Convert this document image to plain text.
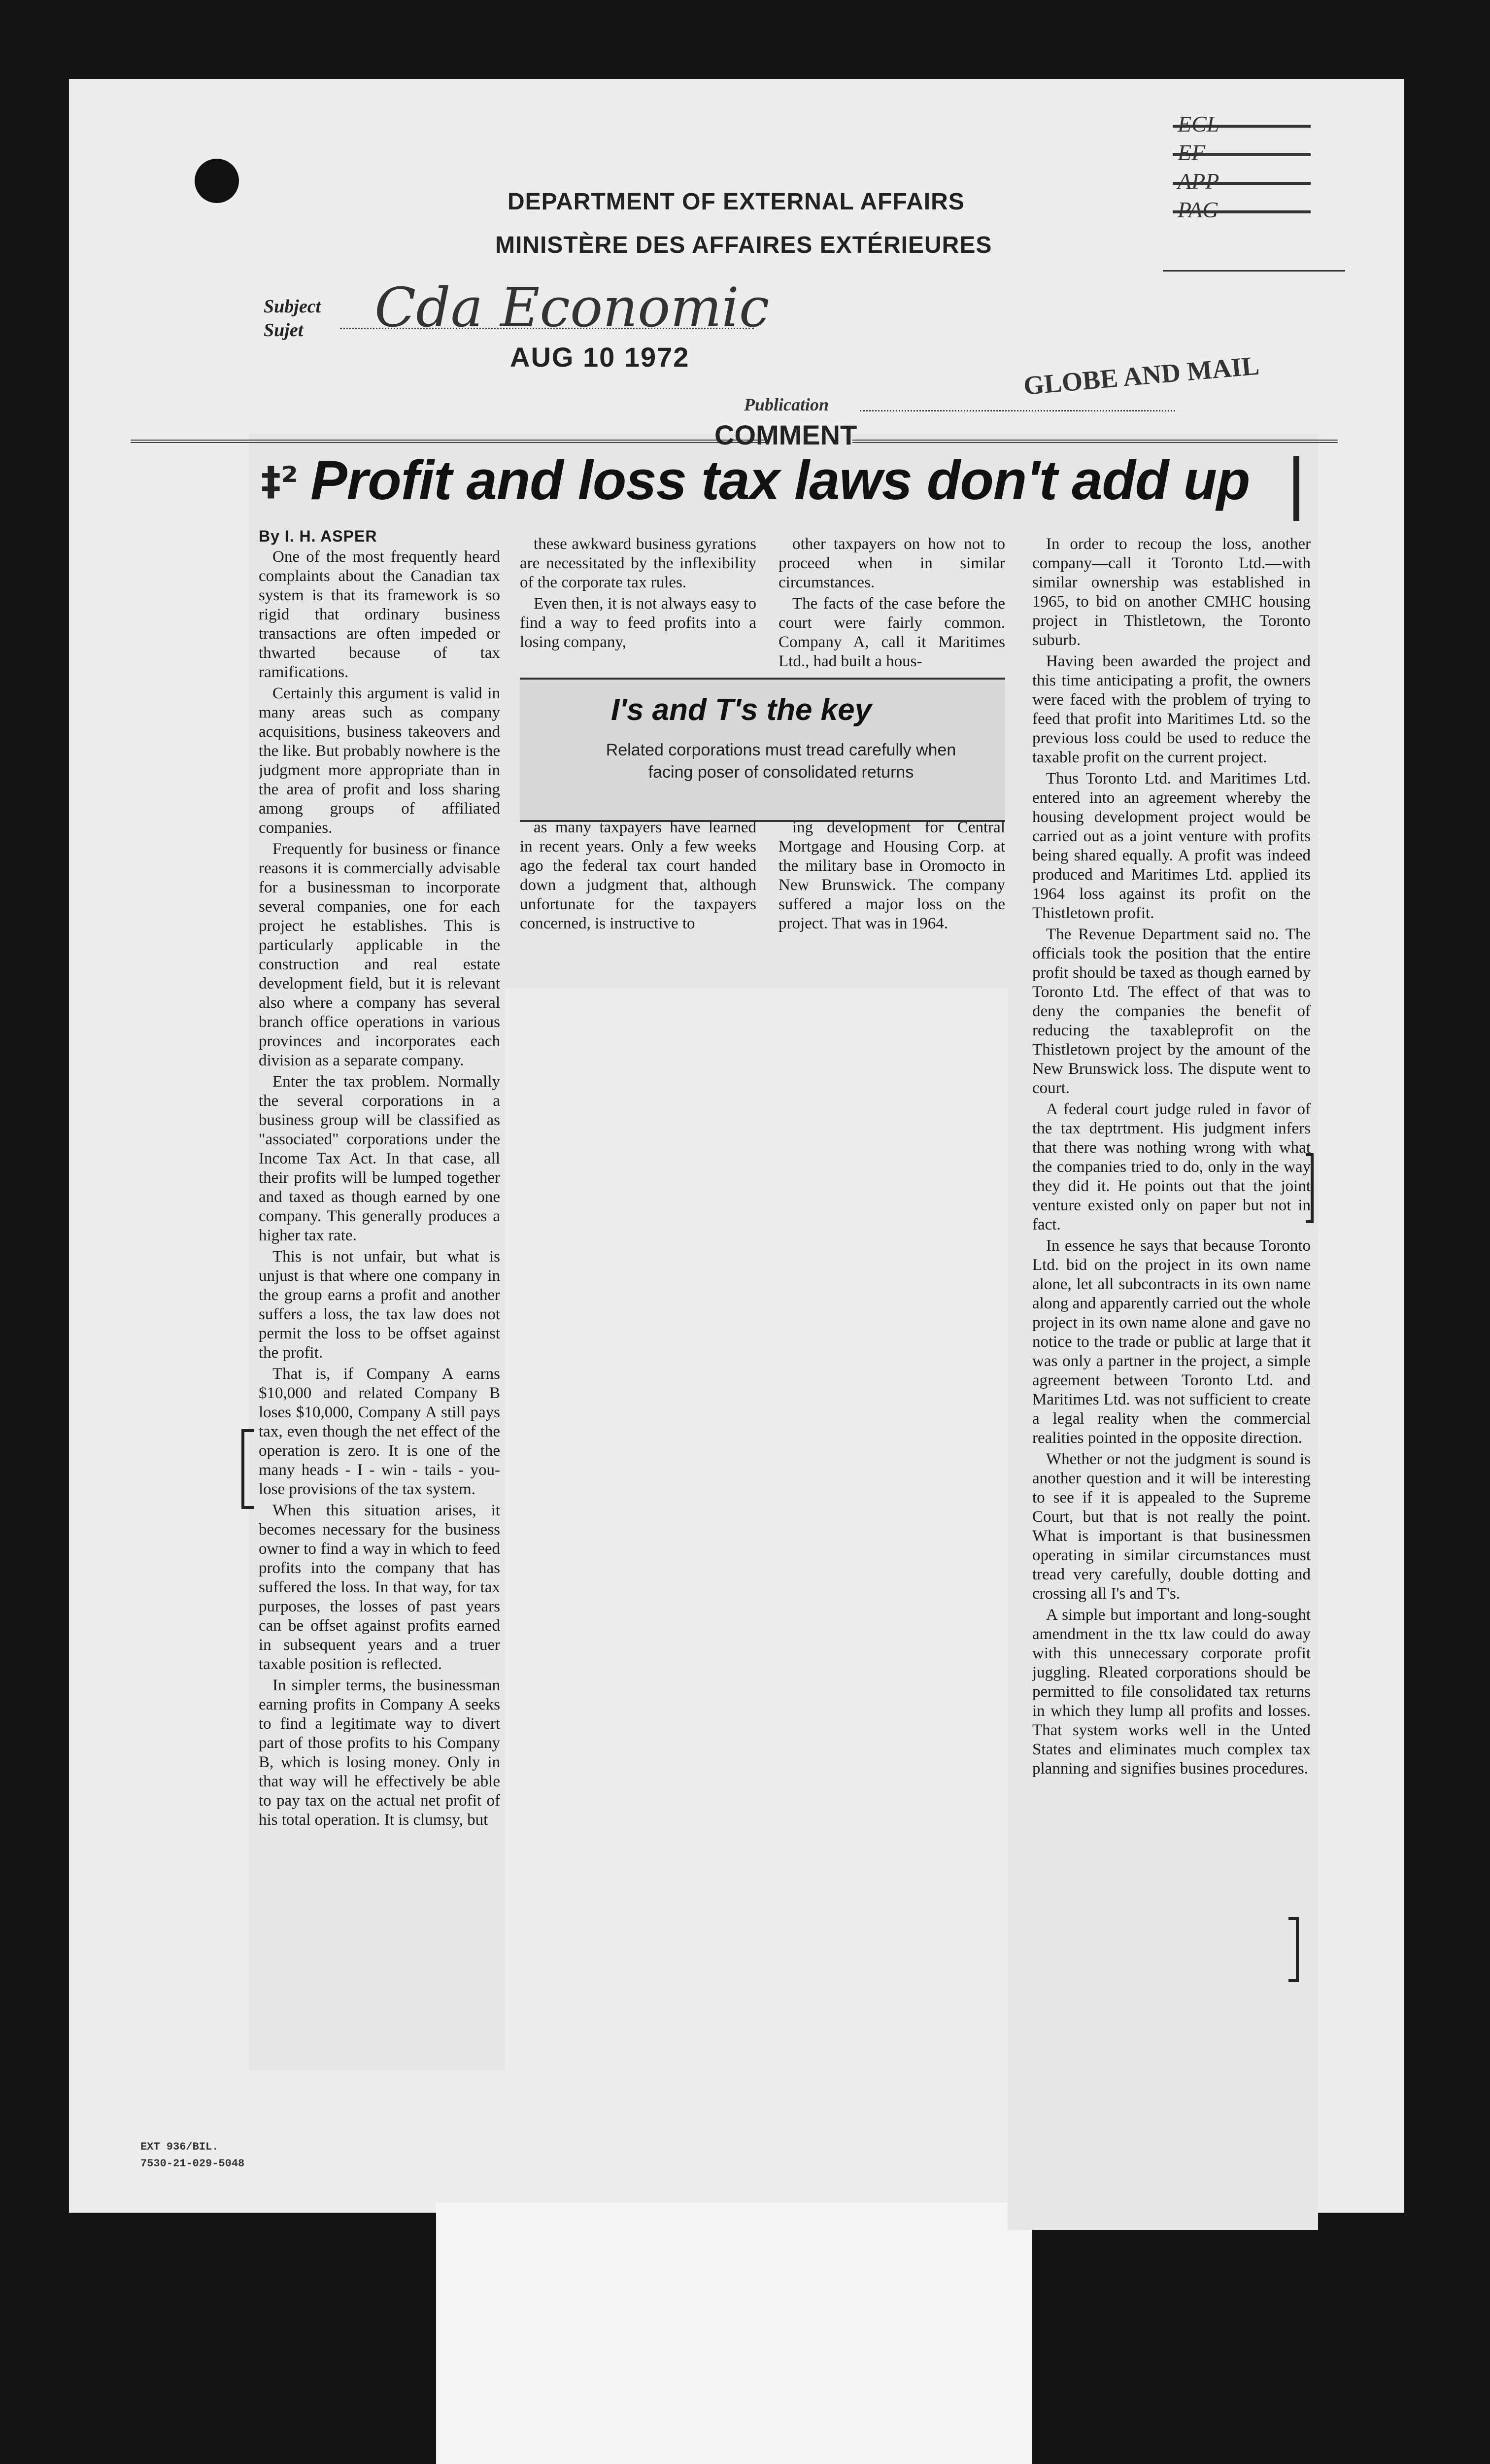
DEPARTMENT OF EXTERNAL AFFAIRS
MINISTÈRE DES AFFAIRES EXTÉRIEURES
ECL
EF
APP
PAG
Subject
Sujet	Cda Economic
AUG 10 1972
Publication
GLOBE AND MAIL
COMMENT
‡² Profit and loss tax laws don't add up
By I. H. ASPER

One of the most frequently heard complaints about the Canadian tax system is that its framework is so rigid that ordinary business transactions are often impeded or thwarted because of tax ramifications.

Certainly this argument is valid in many areas such as company acquisitions, business takeovers and the like. But probably nowhere is the judgment more appropriate than in the area of profit and loss sharing among groups of affiliated companies.

Frequently for business or finance reasons it is commercially advisable for a businessman to incorporate several companies, one for each project he establishes. This is particularly applicable in the construction and real estate development field, but it is relevant also where a company has several branch office operations in various provinces and incorporates each division as a separate company.

Enter the tax problem. Normally the several corporations in a business group will be classified as "associated" corporations under the Income Tax Act. In that case, all their profits will be lumped together and taxed as though earned by one company. This generally produces a higher tax rate.

This is not unfair, but what is unjust is that where one company in the group earns a profit and another suffers a loss, the tax law does not permit the loss to be offset against the profit.

That is, if Company A earns $10,000 and related Company B loses $10,000, Company A still pays tax, even though the net effect of the operation is zero. It is one of the many heads - I - win - tails - you-lose provisions of the tax system.

When this situation arises, it becomes necessary for the business owner to find a way in which to feed profits into the company that has suffered the loss. In that way, for tax purposes, the losses of past years can be offset against profits earned in subsequent years and a truer taxable position is reflected.

In simpler terms, the businessman earning profits in Company A seeks to find a legitimate way to divert part of those profits to his Company B, which is losing money. Only in that way will he effectively be able to pay tax on the actual net profit of his total operation. It is clumsy, but

these awkward business gyrations are necessitated by the inflexibility of the corporate tax rules.

Even then, it is not always easy to find a way to feed profits into a losing company,

other taxpayers on how not to proceed when in similar circumstances.

The facts of the case before the court were fairly common. Company A, call it Maritimes Ltd., had built a hous-

I's and T's the key
Related corporations must tread carefully when facing poser of consolidated returns

as many taxpayers have learned in recent years. Only a few weeks ago the federal tax court handed down a judgment that, although unfortunate for the taxpayers concerned, is instructive to

ing development for Central Mortgage and Housing Corp. at the military base in Oromocto in New Brunswick. The company suffered a major loss on the project. That was in 1964.

In order to recoup the loss, another company—call it Toronto Ltd.—with similar ownership was established in 1965, to bid on another CMHC housing project in Thistletown, the Toronto suburb.

Having been awarded the project and this time anticipating a profit, the owners were faced with the problem of trying to feed that profit into Maritimes Ltd. so the previous loss could be used to reduce the taxable profit on the current project.

Thus Toronto Ltd. and Maritimes Ltd. entered into an agreement whereby the housing development project would be carried out as a joint venture with profits being shared equally. A profit was indeed produced and Maritimes Ltd. applied its 1964 loss against its profit on the Thistletown profit.

The Revenue Department said no. The officials took the position that the entire profit should be taxed as though earned by Toronto Ltd. The effect of that was to deny the companies the benefit of reducing the taxableprofit on the Thistletown project by the amount of the New Brunswick loss. The dispute went to court.

A federal court judge ruled in favor of the tax deptrtment. His judgment infers that there was nothing wrong with what the companies tried to do, only in the way they did it. He points out that the joint venture existed only on paper but not in fact.

In essence he says that because Toronto Ltd. bid on the project in its own name alone, let all subcontracts in its own name along and apparently carried out the whole project in its own name alone and gave no notice to the trade or public at large that it was only a partner in the project, a simple agreement between Toronto Ltd. and Maritimes Ltd. was not sufficient to create a legal reality when the commercial realities pointed in the opposite direction.

Whether or not the judgment is sound is another question and it will be interesting to see if it is appealed to the Supreme Court, but that is not really the point. What is important is that businessmen operating in similar circumstances must tread very carefully, double dotting and crossing all I's and T's.

A simple but important and long-sought amendment in the ttx law could do away with this unnecessary corporate profit juggling. Rleated corporations should be permitted to file consolidated tax returns in which they lump all profits and losses. That system works well in the Unted States and eliminates much complex tax planning and signifies busines procedures.

EXT 936/BIL.
7530-21-029-5048
